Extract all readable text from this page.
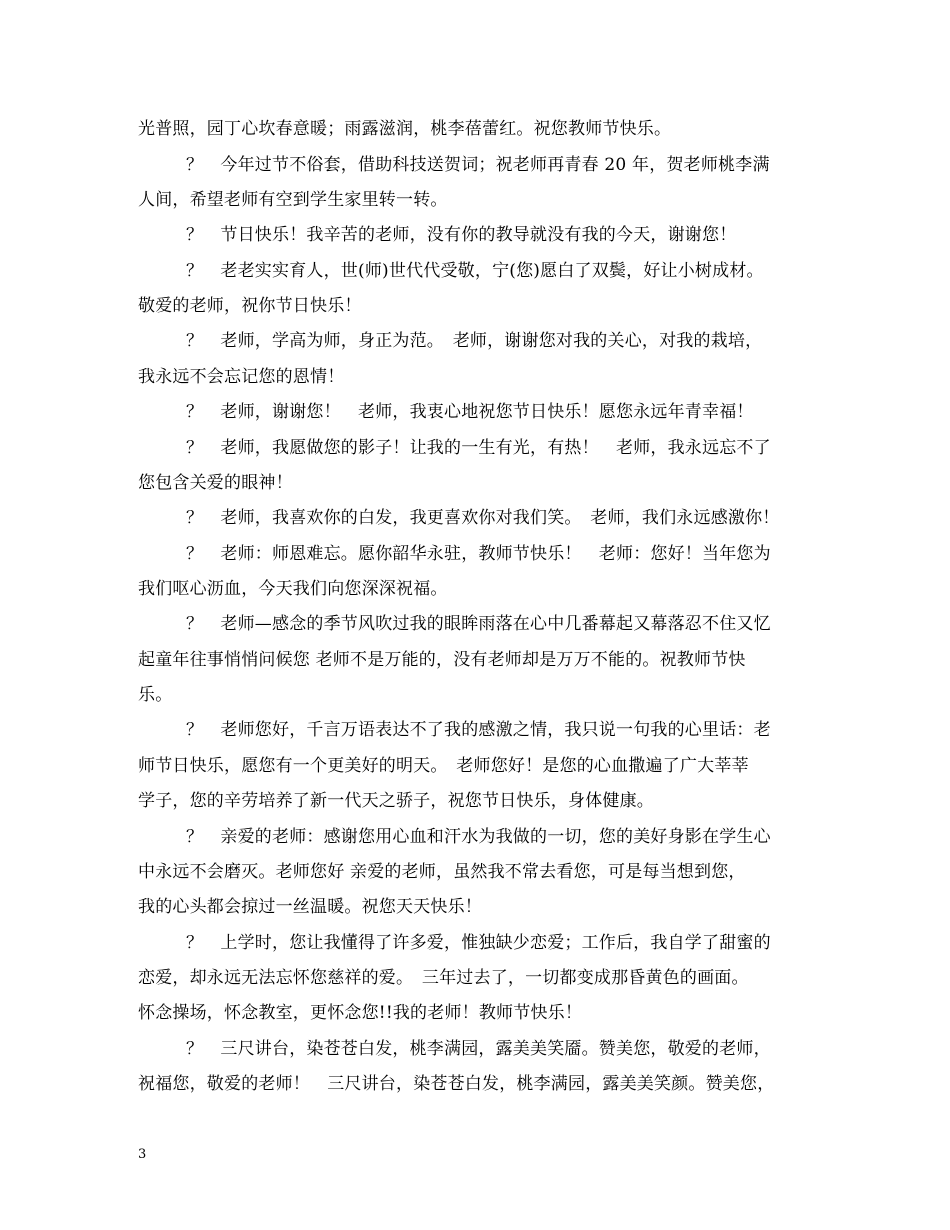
光普照，园丁心坎春意暖；雨露滋润，桃李蓓蕾红。祝您教师节快乐。

？　今年过节不俗套，借助科技送贺词；祝老师再青春 20 年，贺老师桃李满

人间，希望老师有空到学生家里转一转。

？　节日快乐！我辛苦的老师，没有你的教导就没有我的今天，谢谢您！

？　老老实实育人，世(师)世代代受敬，宁(您)愿白了双鬓，好让小树成材。

敬爱的老师，祝你节日快乐！

？　老师，学高为师，身正为范。　老师，谢谢您对我的关心，对我的栽培，

我永远不会忘记您的恩情！

？　老师，谢谢您！　老师，我衷心地祝您节日快乐！愿您永远年青幸福！

？　老师，我愿做您的影子！让我的一生有光，有热！　老师，我永远忘不了

您包含关爱的眼神！

？　老师，我喜欢你的白发，我更喜欢你对我们笑。　老师，我们永远感激你！

？　老师：师恩难忘。愿你韶华永驻，教师节快乐！　老师：您好！当年您为

我们呕心沥血，今天我们向您深深祝福。

？　老师—感念的季节风吹过我的眼眸雨落在心中几番幕起又幕落忍不住又忆

起童年往事悄悄问候您 老师不是万能的，没有老师却是万万不能的。祝教师节快

乐。

？　老师您好，千言万语表达不了我的感激之情，我只说一句我的心里话：老

师节日快乐，愿您有一个更美好的明天。　老师您好！是您的心血撒遍了广大莘莘

学子，您的辛劳培养了新一代天之骄子，祝您节日快乐，身体健康。

？　亲爱的老师：感谢您用心血和汗水为我做的一切，您的美好身影在学生心

中永远不会磨灭。老师您好 亲爱的老师，虽然我不常去看您，可是每当想到您，

我的心头都会掠过一丝温暖。祝您天天快乐！

？　上学时，您让我懂得了许多爱，惟独缺少恋爱；工作后，我自学了甜蜜的

恋爱，却永远无法忘怀您慈祥的爱。　三年过去了，一切都变成那昏黄色的画面。

怀念操场，怀念教室，更怀念您!!我的老师！教师节快乐！

？　三尺讲台，染苍苍白发，桃李满园，露美美笑靥。赞美您，敬爱的老师，

祝福您，敬爱的老师！　三尺讲台，染苍苍白发，桃李满园，露美美笑颜。赞美您，

3
